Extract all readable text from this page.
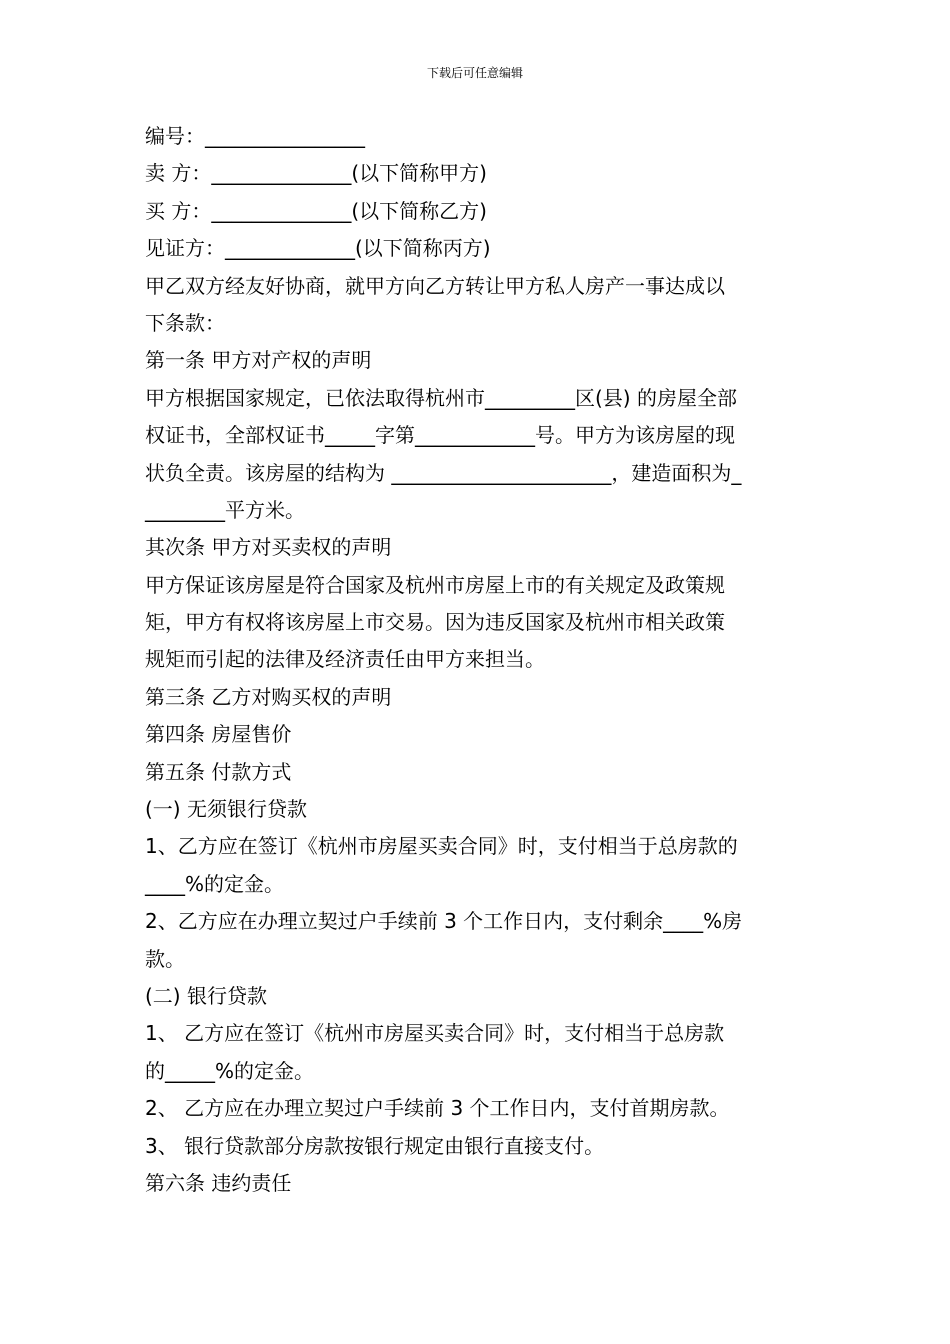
下载后可任意编辑
编号：________________
卖 方：______________(以下简称甲方)
买 方：______________(以下简称乙方)
见证方：_____________(以下简称丙方)
甲乙双方经友好协商，就甲方向乙方转让甲方私人房产一事达成以
下条款：
第一条 甲方对产权的声明
甲方根据国家规定，已依法取得杭州市_________区(县) 的房屋全部
权证书，全部权证书_____字第____________号。甲方为该房屋的现
状负全责。该房屋的结构为 ______________________，建造面积为_
________平方米。
其次条 甲方对买卖权的声明
甲方保证该房屋是符合国家及杭州市房屋上市的有关规定及政策规
矩，甲方有权将该房屋上市交易。因为违反国家及杭州市相关政策
规矩而引起的法律及经济责任由甲方来担当。
第三条 乙方对购买权的声明
第四条 房屋售价
第五条 付款方式
(一) 无须银行贷款
1、乙方应在签订《杭州市房屋买卖合同》时，支付相当于总房款的
____%的定金。
2、乙方应在办理立契过户手续前 3 个工作日内，支付剩余____%房
款。
(二) 银行贷款
1、 乙方应在签订《杭州市房屋买卖合同》时，支付相当于总房款
的_____%的定金。
2、 乙方应在办理立契过户手续前 3 个工作日内，支付首期房款。
3、 银行贷款部分房款按银行规定由银行直接支付。
第六条 违约责任
